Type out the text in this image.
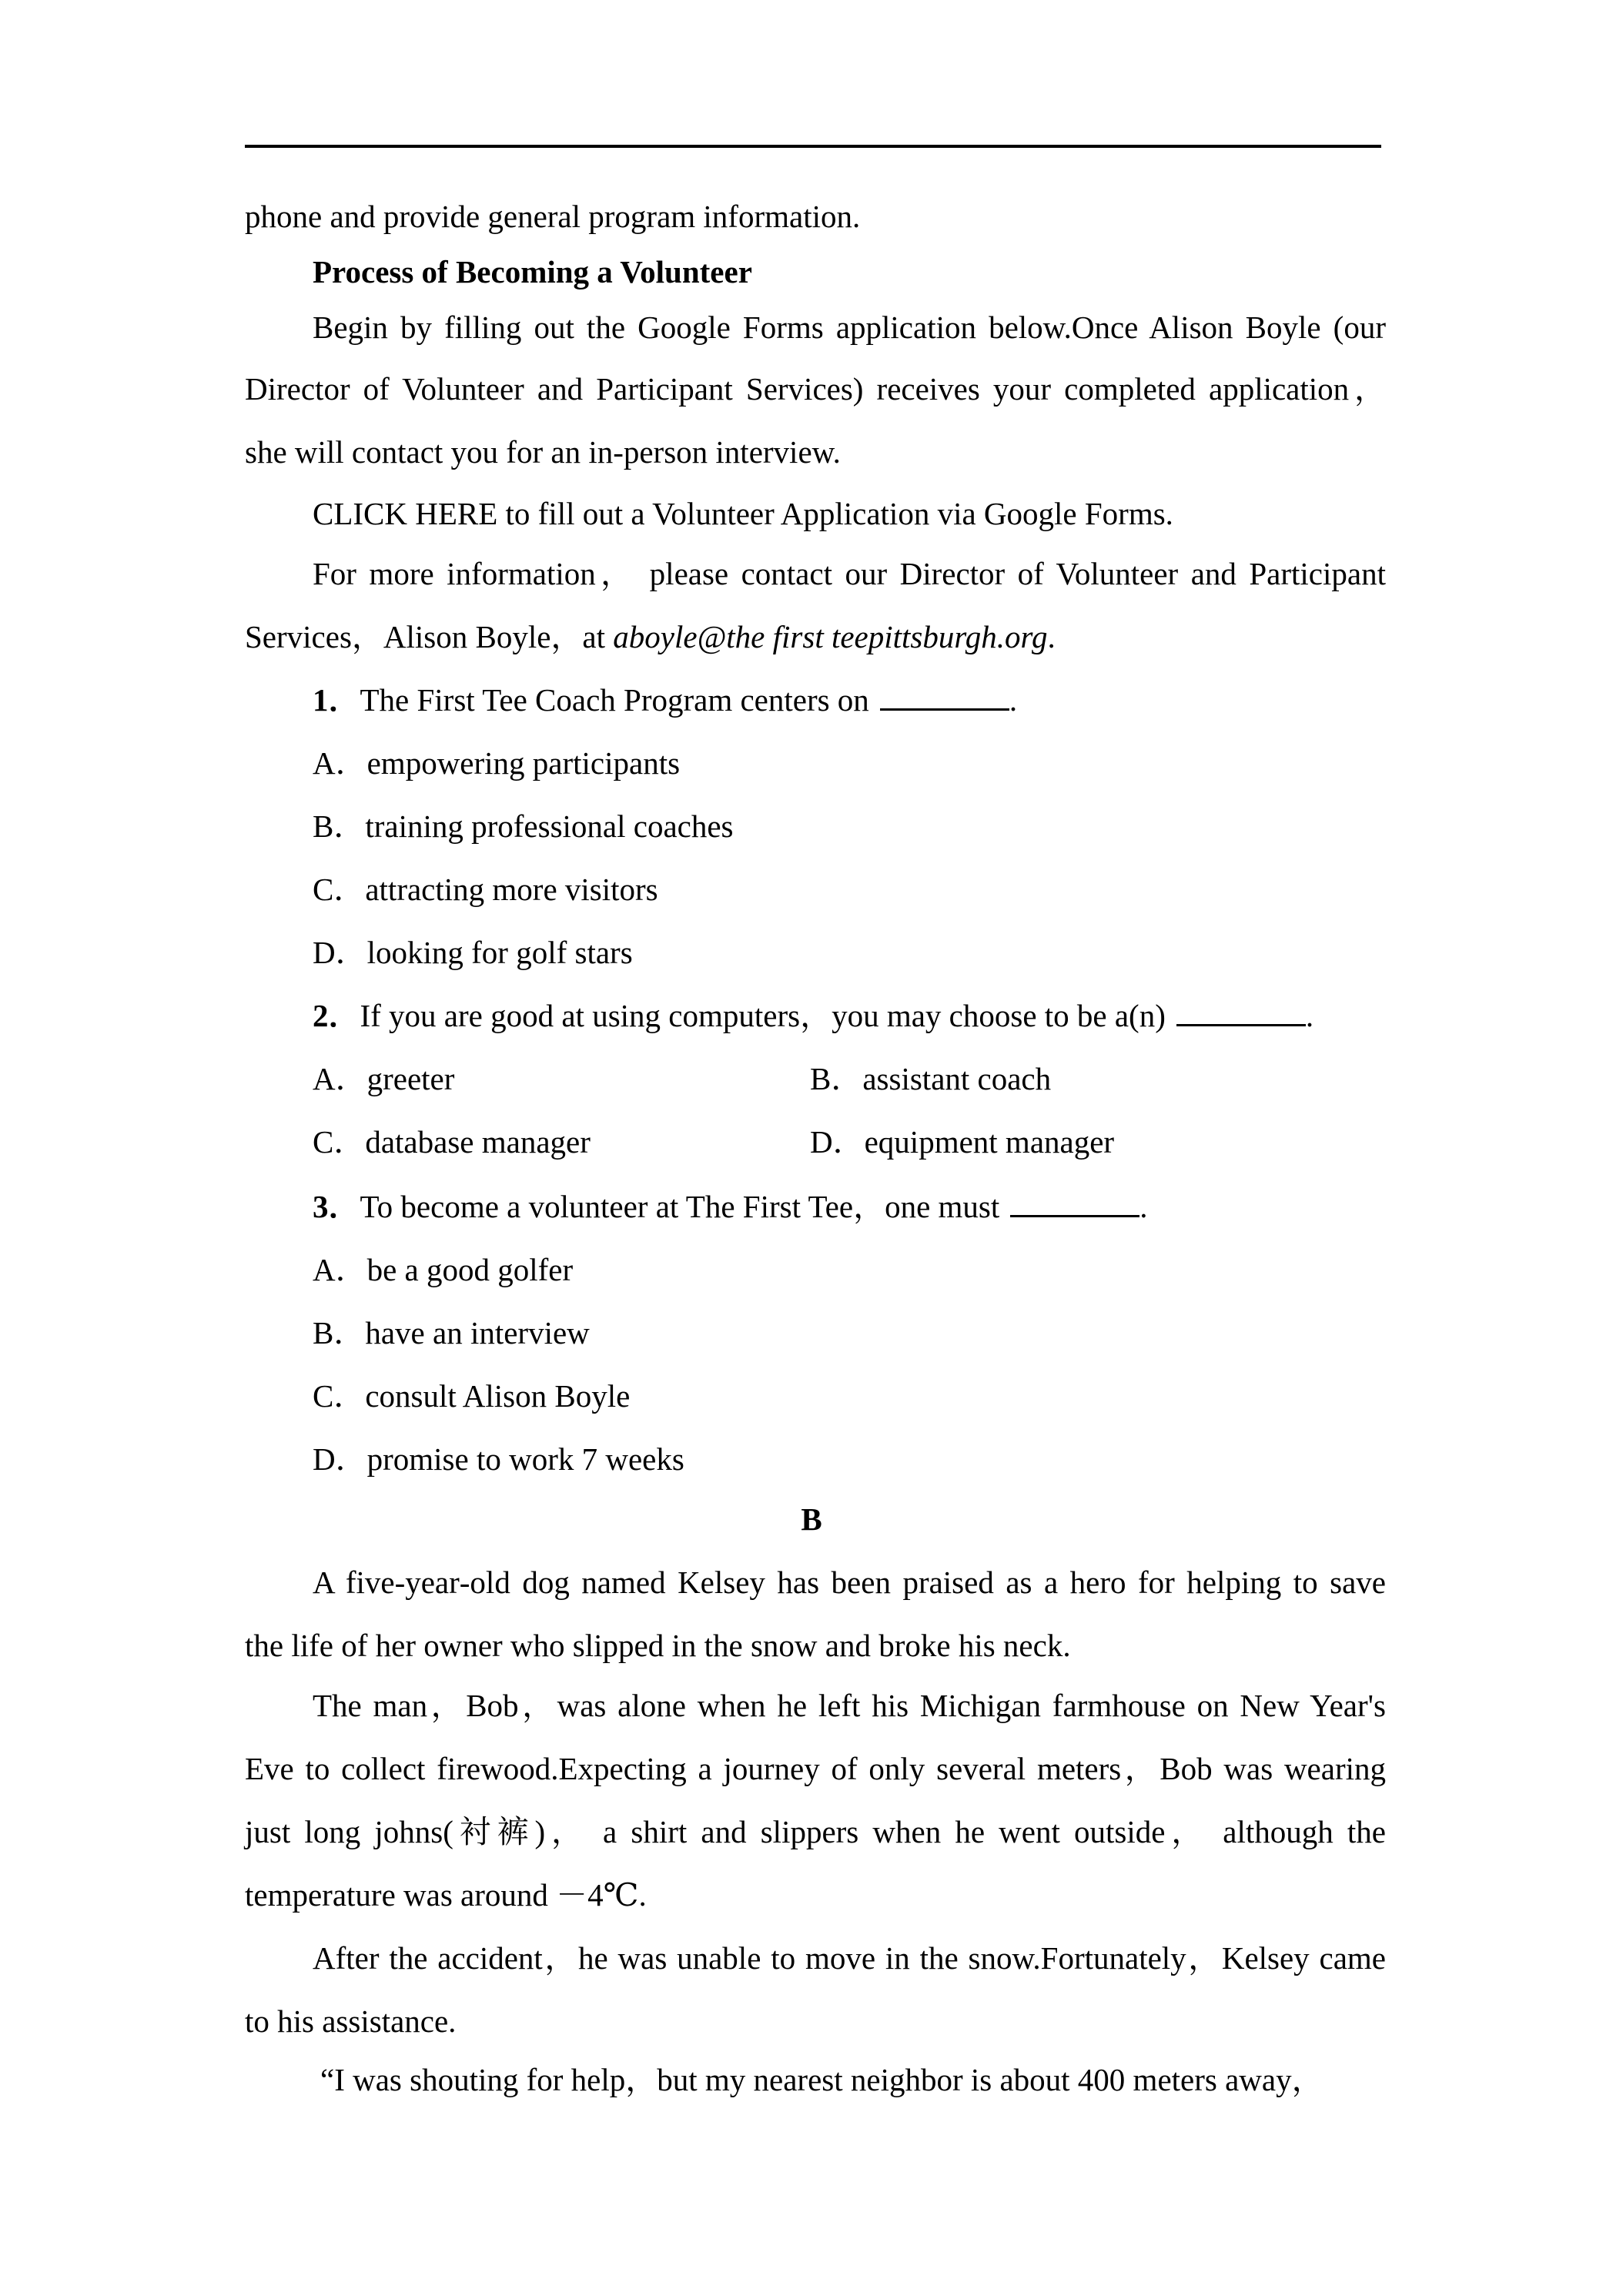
phone and provide general program information.
Process of Becoming a Volunteer
Begin by filling out the Google Forms application below.Once Alison Boyle (our
Director of Volunteer and Participant Services) receives your completed application，
she will contact you for an in‐person interview.
CLICK HERE to fill out a Volunteer Application via Google Forms.
For more information， please contact our Director of Volunteer and Participant
Services，Alison Boyle，at aboyle@the first teepittsburgh.org.
1．The First Tee Coach Program centers on	.
A．empowering participants
B．training professional coaches
C．attracting more visitors
D．looking for golf stars
2．If you are good at using computers，you may choose to be a(n)	.
A．greeter	B．assistant coach
C．database manager	D．equipment manager
3．To become a volunteer at The First Tee，one must	.
A．be a good golfer
B．have an interview
C．consult Alison Boyle
D．promise to work 7 weeks
B
A five‐year‐old dog named Kelsey has been praised as a hero for helping to save
the life of her owner who slipped in the snow and broke his neck.
The man，Bob，was alone when he left his Michigan farmhouse on New Year's
Eve to collect firewood.Expecting a journey of only several meters，Bob was wearing
just long johns(衬裤)， a shirt and slippers when he went outside， although the
temperature was around －4℃.
After the accident，he was unable to move in the snow.Fortunately，Kelsey came
to his assistance.
“I was shouting for help，but my nearest neighbor is about 400 meters away，
